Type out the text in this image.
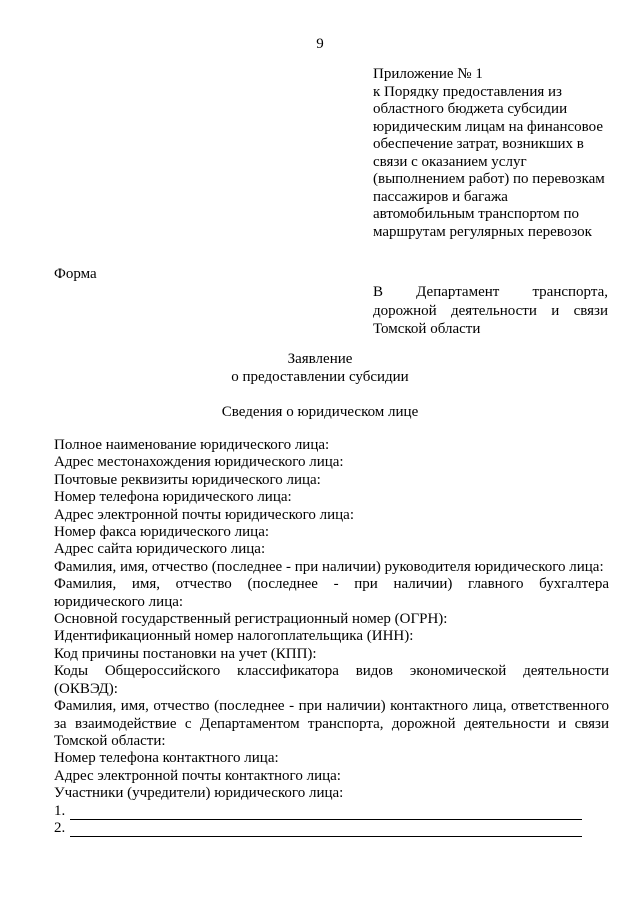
9
Приложение № 1
к Порядку предоставления из
областного бюджета субсидии
юридическим лицам на финансовое
обеспечение затрат, возникших в
связи с оказанием услуг
(выполнением работ) по перевозкам
пассажиров и багажа
автомобильным транспортом по
маршрутам регулярных перевозок
Форма
В Департамент транспорта,
дорожной деятельности и связи
Томской области
Заявление
о предоставлении субсидии
Сведения о юридическом лице
Полное наименование юридического лица:
Адрес местонахождения юридического лица:
Почтовые реквизиты юридического лица:
Номер телефона юридического лица:
Адрес электронной почты юридического лица:
Номер факса юридического лица:
Адрес сайта юридического лица:
Фамилия, имя, отчество (последнее - при наличии) руководителя юридического лица:
Фамилия, имя, отчество (последнее - при наличии) главного бухгалтера
юридического лица:
Основной государственный регистрационный номер (ОГРН):
Идентификационный номер налогоплательщика (ИНН):
Код причины постановки на учет (КПП):
Коды Общероссийского классификатора видов экономической деятельности
(ОКВЭД):
Фамилия, имя, отчество (последнее - при наличии) контактного лица, ответственного
за взаимодействие с Департаментом транспорта, дорожной деятельности и связи
Томской области:
Номер телефона контактного лица:
Адрес электронной почты контактного лица:
Участники (учредители) юридического лица:
1.
2.
